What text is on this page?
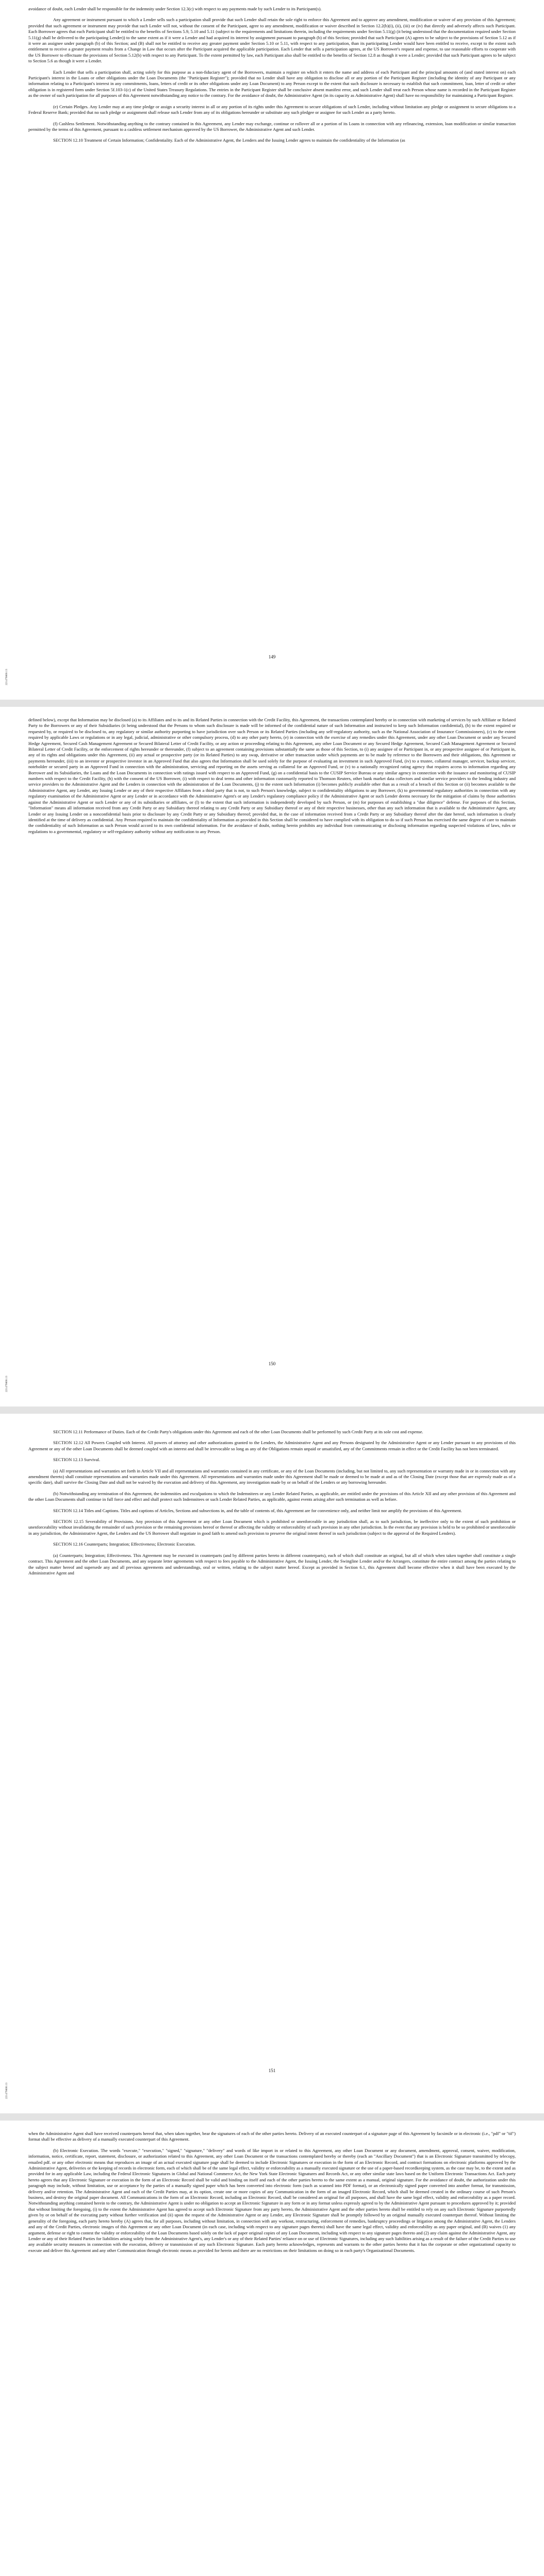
avoidance of doubt, each Lender shall be responsible for the indemnity under Section 12.3(c) with respect to any payments made by such Lender to its Participant(s).

Any agreement or instrument pursuant to which a Lender sells such a participation shall provide that such Lender shall retain the sole right to enforce this Agreement and to approve any amendment, modification or waiver of any provision of this Agreement; provided that such agreement or instrument may provide that such Lender will not, without the consent of the Participant, agree to any amendment, modification or waiver described in Section 12.2(b)(i), (ii), (iii) or (iv) that directly and adversely affects such Participant. Each Borrower agrees that each Participant shall be entitled to the benefits of Sections 5.9, 5.10 and 5.11 (subject to the requirements and limitations therein, including the requirements under Section 5.11(g) (it being understood that the documentation required under Section 5.11(g) shall be delivered to the participating Lender)) to the same extent as if it were a Lender and had acquired its interest by assignment pursuant to paragraph (b) of this Section; provided that such Participant (A) agrees to be subject to the provisions of Section 5.12 as if it were an assignee under paragraph (b) of this Section; and (B) shall not be entitled to receive any greater payment under Section 5.10 or 5.11, with respect to any participation, than its participating Lender would have been entitled to receive, except to the extent such entitlement to receive a greater payment results from a Change in Law that occurs after the Participant acquired the applicable participation. Each Lender that sells a participation agrees, at the US Borrower's request and expense, to use reasonable efforts to cooperate with the US Borrower to effectuate the provisions of Section 5.12(b) with respect to any Participant. To the extent permitted by law, each Participant also shall be entitled to the benefits of Section 12.8 as though it were a Lender; provided that such Participant agrees to be subject to Section 5.6 as though it were a Lender.

Each Lender that sells a participation shall, acting solely for this purpose as a non-fiduciary agent of the Borrowers, maintain a register on which it enters the name and address of each Participant and the principal amounts of (and stated interest on) each Participant's interest in the Loans or other obligations under the Loan Documents (the "Participant Register"); provided that no Lender shall have any obligation to disclose all or any portion of the Participant Register (including the identity of any Participant or any information relating to a Participant's interest in any commitments, loans, letters of credit or its other obligations under any Loan Document) to any Person except to the extent that such disclosure is necessary to establish that such commitment, loan, letter of credit or other obligation is in registered form under Section 5f.103-1(c) of the United States Treasury Regulations. The entries in the Participant Register shall be conclusive absent manifest error, and such Lender shall treat each Person whose name is recorded in the Participant Register as the owner of such participation for all purposes of this Agreement notwithstanding any notice to the contrary. For the avoidance of doubt, the Administrative Agent (in its capacity as Administrative Agent) shall have no responsibility for maintaining a Participant Register.

(e) Certain Pledges. Any Lender may at any time pledge or assign a security interest in all or any portion of its rights under this Agreement to secure obligations of such Lender, including without limitation any pledge or assignment to secure obligations to a Federal Reserve Bank; provided that no such pledge or assignment shall release such Lender from any of its obligations hereunder or substitute any such pledgee or assignee for such Lender as a party hereto.

(f) Cashless Settlement. Notwithstanding anything to the contrary contained in this Agreement, any Lender may exchange, continue or rollover all or a portion of its Loans in connection with any refinancing, extension, loan modification or similar transaction permitted by the terms of this Agreement, pursuant to a cashless settlement mechanism approved by the US Borrower, the Administrative Agent and such Lender.

SECTION 12.10 Treatment of Certain Information; Confidentiality. Each of the Administrative Agent, the Lenders and the Issuing Lender agrees to maintain the confidentiality of the Information (as

149
221479800.13

defined below), except that Information may be disclosed (a) to its Affiliates and to its and its Related Parties in connection with the Credit Facility, this Agreement, the transactions contemplated hereby or in connection with marketing of services by such Affiliate or Related Party to the Borrowers or any of their Subsidiaries (it being understood that the Persons to whom such disclosure is made will be informed of the confidential nature of such Information and instructed to keep such Information confidential), (b) to the extent required or requested by, or required to be disclosed to, any regulatory or similar authority purporting to have jurisdiction over such Person or its Related Parties (including any self-regulatory authority, such as the National Association of Insurance Commissioners), (c) to the extent required by applicable Laws or regulations or in any legal, judicial, administrative or other compulsory process, (d) to any other party hereto, (e) in connection with the exercise of any remedies under this Agreement, under any other Loan Document or under any Secured Hedge Agreement, Secured Cash Management Agreement or Secured Bilateral Letter of Credit Facility, or any action or proceeding relating to this Agreement, any other Loan Document or any Secured Hedge Agreement, Secured Cash Management Agreement or Secured Bilateral Letter of Credit Facility, or the enforcement of rights hereunder or thereunder, (f) subject to an agreement containing provisions substantially the same as those of this Section, to (i) any assignee of or Participant in, or any prospective assignee of or Participant in, any of its rights and obligations under this Agreement, (ii) any actual or prospective party (or its Related Parties) to any swap, derivative or other transaction under which payments are to be made by reference to the Borrowers and their obligations, this Agreement or payments hereunder, (iii) to an investor or prospective investor in an Approved Fund that also agrees that Information shall be used solely for the purpose of evaluating an investment in such Approved Fund, (iv) to a trustee, collateral manager, servicer, backup servicer, noteholder or secured party in an Approved Fund in connection with the administration, servicing and reporting on the assets serving as collateral for an Approved Fund, or (v) to a nationally recognized rating agency that requires access to information regarding any Borrower and its Subsidiaries, the Loans and the Loan Documents in connection with ratings issued with respect to an Approved Fund, (g) on a confidential basis to the CUSIP Service Bureau or any similar agency in connection with the issuance and monitoring of CUSIP numbers with respect to the Credit Facility, (h) with the consent of the US Borrower, (i) with respect to deal terms and other information customarily reported to Thomson Reuters, other bank market data collectors and similar service providers to the lending industry and service providers to the Administrative Agent and the Lenders in connection with the administration of the Loan Documents, (j) to the extent such Information (i) becomes publicly available other than as a result of a breach of this Section or (ii) becomes available to the Administrative Agent, any Lender, any Issuing Lender or any of their respective Affiliates from a third party that is not, to such Person's knowledge, subject to confidentiality obligations to any Borrower, (k) to governmental regulatory authorities in connection with any regulatory examination of the Administrative Agent or any Lender or in accordance with the Administrative Agent's or any Lender's regulatory compliance policy if the Administrative Agent or such Lender deems necessary for the mitigation of claims by those authorities against the Administrative Agent or such Lender or any of its subsidiaries or affiliates, or (l) to the extent that such information is independently developed by such Person, or (m) for purposes of establishing a "due diligence" defense. For purposes of this Section, "Information" means all information received from any Credit Party or any Subsidiary thereof relating to any Credit Party or any Subsidiary thereof or any of their respective businesses, other than any such information that is available to the Administrative Agent, any Lender or any Issuing Lender on a nonconfidential basis prior to disclosure by any Credit Party or any Subsidiary thereof; provided that, in the case of information received from a Credit Party or any Subsidiary thereof after the date hereof, such information is clearly identified at the time of delivery as confidential. Any Person required to maintain the confidentiality of Information as provided in this Section shall be considered to have complied with its obligation to do so if such Person has exercised the same degree of care to maintain the confidentiality of such Information as such Person would accord to its own confidential information. For the avoidance of doubt, nothing herein prohibits any individual from communicating or disclosing information regarding suspected violations of laws, rules or regulations to a governmental, regulatory or self-regulatory authority without any notification to any Person.

150
221479800.13

SECTION 12.11 Performance of Duties. Each of the Credit Party's obligations under this Agreement and each of the other Loan Documents shall be performed by such Credit Party at its sole cost and expense.

SECTION 12.12 All Powers Coupled with Interest. All powers of attorney and other authorizations granted to the Lenders, the Administrative Agent and any Persons designated by the Administrative Agent or any Lender pursuant to any provisions of this Agreement or any of the other Loan Documents shall be deemed coupled with an interest and shall be irrevocable so long as any of the Obligations remain unpaid or unsatisfied, any of the Commitments remain in effect or the Credit Facility has not been terminated.

SECTION 12.13 Survival.

(a) All representations and warranties set forth in Article VII and all representations and warranties contained in any certificate, or any of the Loan Documents (including, but not limited to, any such representation or warranty made in or in connection with any amendment thereto) shall constitute representations and warranties made under this Agreement. All representations and warranties made under this Agreement shall be made or deemed to be made at and as of the Closing Date (except those that are expressly made as of a specific date), shall survive the Closing Date and shall not be waived by the execution and delivery of this Agreement, any investigation made by or on behalf of the Lenders or any borrowing hereunder.

(b) Notwithstanding any termination of this Agreement, the indemnities and exculpations to which the Indemnitees or any Lender Related Parties, as applicable, are entitled under the provisions of this Article XII and any other provision of this Agreement and the other Loan Documents shall continue in full force and effect and shall protect such Indemnitees or such Lender Related Parties, as applicable, against events arising after such termination as well as before.

SECTION 12.14 Titles and Captions. Titles and captions of Articles, Sections and subsections in, and the table of contents of, this Agreement are for convenience only, and neither limit nor amplify the provisions of this Agreement.

SECTION 12.15 Severability of Provisions. Any provision of this Agreement or any other Loan Document which is prohibited or unenforceable in any jurisdiction shall, as to such jurisdiction, be ineffective only to the extent of such prohibition or unenforceability without invalidating the remainder of such provision or the remaining provisions hereof or thereof or affecting the validity or enforceability of such provision in any other jurisdiction. In the event that any provision is held to be so prohibited or unenforceable in any jurisdiction, the Administrative Agent, the Lenders and the US Borrower shall negotiate in good faith to amend such provision to preserve the original intent thereof in such jurisdiction (subject to the approval of the Required Lenders).

SECTION 12.16 Counterparts; Integration; Effectiveness; Electronic Execution.

(a) Counterparts; Integration; Effectiveness. This Agreement may be executed in counterparts (and by different parties hereto in different counterparts), each of which shall constitute an original, but all of which when taken together shall constitute a single contract. This Agreement and the other Loan Documents, and any separate letter agreements with respect to fees payable to the Administrative Agent, the Issuing Lender, the Swingline Lender and/or the Arrangers, constitute the entire contract among the parties relating to the subject matter hereof and supersede any and all previous agreements and understandings, oral or written, relating to the subject matter hereof. Except as provided in Section 6.1, this Agreement shall become effective when it shall have been executed by the Administrative Agent and

151
221479800.13

when the Administrative Agent shall have received counterparts hereof that, when taken together, bear the signatures of each of the other parties hereto. Delivery of an executed counterpart of a signature page of this Agreement by facsimile or in electronic (i.e., "pdf" or "tif") format shall be effective as delivery of a manually executed counterpart of this Agreement.

(b) Electronic Execution. The words "execute," "execution," "signed," "signature," "delivery" and words of like import in or related to this Agreement, any other Loan Document or any document, amendment, approval, consent, waiver, modification, information, notice, certificate, report, statement, disclosure, or authorization related to this Agreement, any other Loan Document or the transactions contemplated hereby or thereby (each an "Ancillary Document") that is an Electronic Signature transmitted by telecopy, emailed pdf. or any other electronic means that reproduces an image of an actual executed signature page shall be deemed to include Electronic Signatures or execution in the form of an Electronic Record, and contract formations on electronic platforms approved by the Administrative Agent, deliveries or the keeping of records in electronic form, each of which shall be of the same legal effect, validity or enforceability as a manually executed signature or the use of a paper-based recordkeeping system, as the case may be, to the extent and as provided for in any applicable Law, including the Federal Electronic Signatures in Global and National Commerce Act, the New York State Electronic Signatures and Records Act, or any other similar state laws based on the Uniform Electronic Transactions Act. Each party hereto agrees that any Electronic Signature or execution in the form of an Electronic Record shall be valid and binding on itself and each of the other parties hereto to the same extent as a manual, original signature. For the avoidance of doubt, the authorization under this paragraph may include, without limitation, use or acceptance by the parties of a manually signed paper which has been converted into electronic form (such as scanned into PDF format), or an electronically signed paper converted into another format, for transmission, delivery and/or retention. The Administrative Agent and each of the Credit Parties may, at its option, create one or more copies of any Communication in the form of an imaged Electronic Record, which shall be deemed created in the ordinary course of such Person's business, and destroy the original paper document. All Communications in the form of an Electronic Record, including an Electronic Record, shall be considered an original for all purposes, and shall have the same legal effect, validity and enforceability as a paper record. Notwithstanding anything contained herein to the contrary, the Administrative Agent is under no obligation to accept an Electronic Signature in any form or in any format unless expressly agreed to by the Administrative Agent pursuant to procedures approved by it; provided that without limiting the foregoing, (i) to the extent the Administrative Agent has agreed to accept such Electronic Signature from any party hereto, the Administrative Agent and the other parties hereto shall be entitled to rely on any such Electronic Signature purportedly given by or on behalf of the executing party without further verification and (ii) upon the request of the Administrative Agent or any Lender, any Electronic Signature shall be promptly followed by an original manually executed counterpart thereof. Without limiting the generality of the foregoing, each party hereto hereby (A) agrees that, for all purposes, including without limitation, in connection with any workout, restructuring, enforcement of remedies, bankruptcy proceedings or litigation among the Administrative Agent, the Lenders and any of the Credit Parties, electronic images of this Agreement or any other Loan Document (in each case, including with respect to any signature pages thereto) shall have the same legal effect, validity and enforceability as any paper original, and (B) waives (1) any argument, defense or right to contest the validity or enforceability of the Loan Documents based solely on the lack of paper original copies of any Loan Documents, including with respect to any signature pages thereto and (2) any claim against the Administrative Agent, any Lender or any of their Related Parties for liabilities arising solely from the Administrative Agent's, any Lender's or any of their Related Parties' reliance on or use of Electronic Signatures, including any such liabilities arising as a result of the failure of the Credit Parties to use any available security measures in connection with the execution, delivery or transmission of any such Electronic Signature. Each party hereto acknowledges, represents and warrants to the other parties hereto that it has the corporate or other organizational capacity to execute and deliver this Agreement and any other Communication through electronic means as provided for herein and there are no restrictions on their limitations on doing so in each party's Organizational Documents.
